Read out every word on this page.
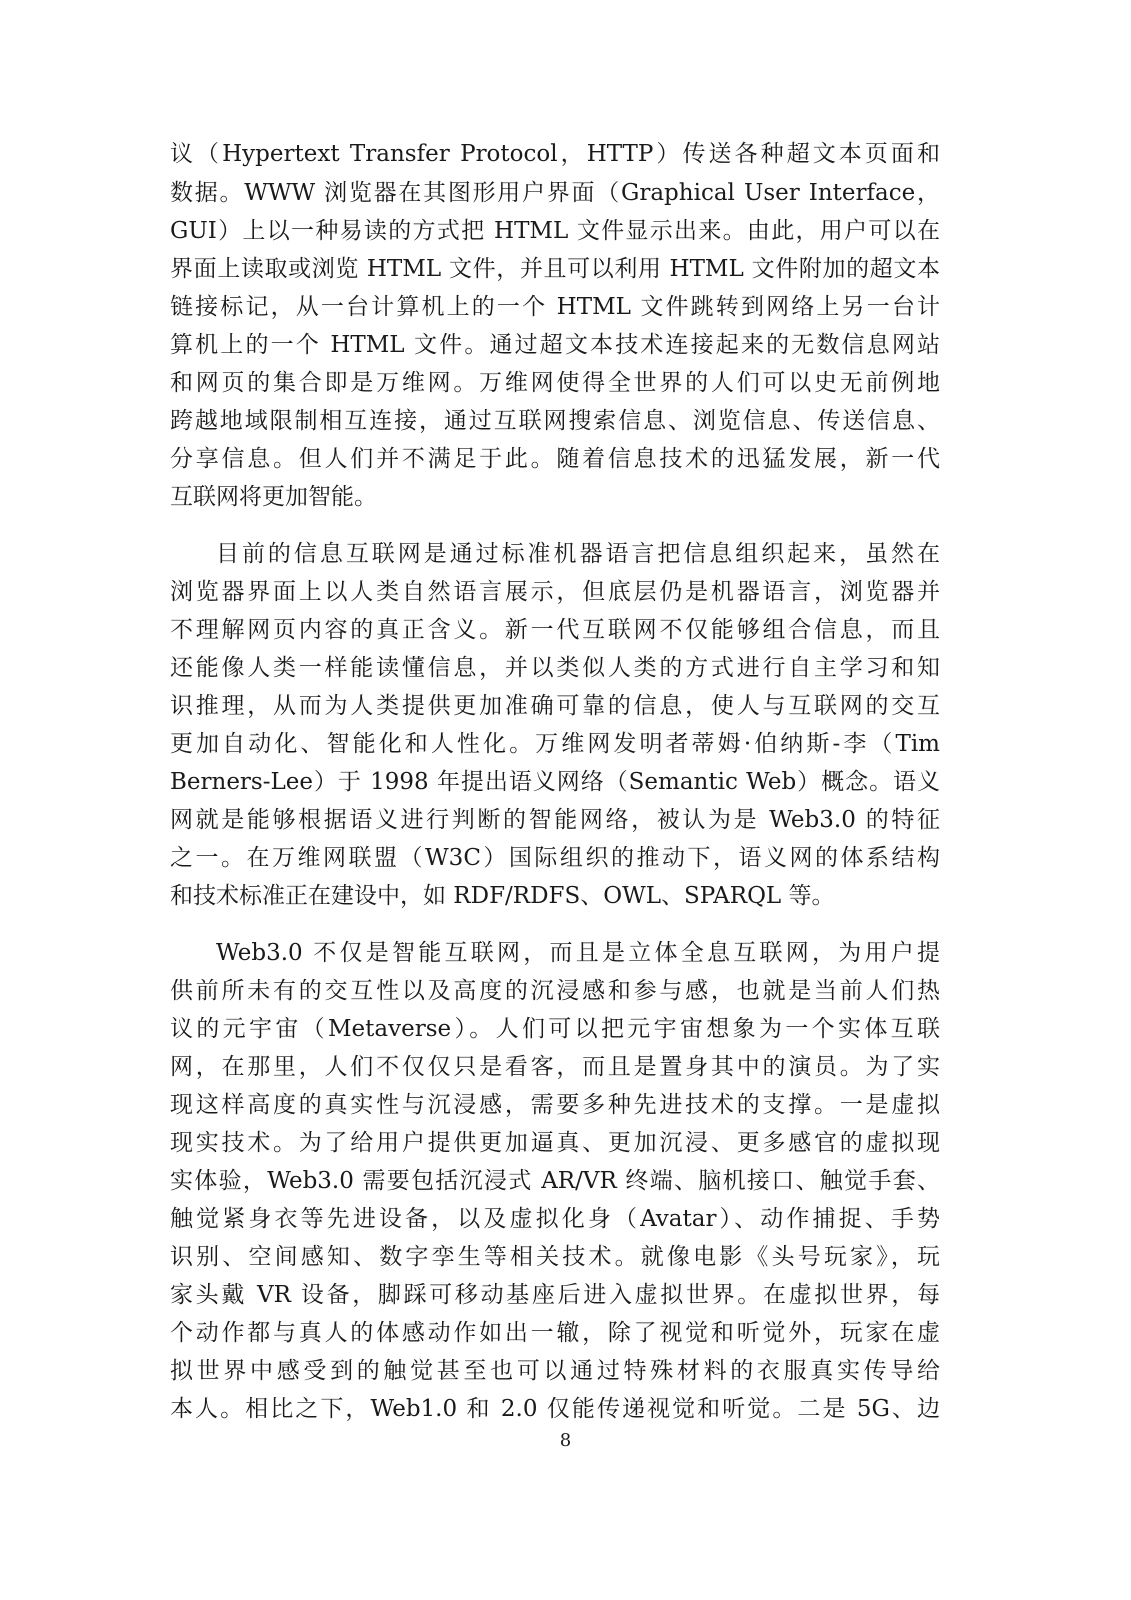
议（Hypertext Transfer Protocol，HTTP）传送各种超文本页面和
数据。WWW 浏览器在其图形用户界面（Graphical User Interface，
GUI）上以一种易读的方式把 HTML 文件显示出来。由此，用户可以在
界面上读取或浏览 HTML 文件，并且可以利用 HTML 文件附加的超文本
链接标记，从一台计算机上的一个 HTML 文件跳转到网络上另一台计
算机上的一个 HTML 文件。通过超文本技术连接起来的无数信息网站
和网页的集合即是万维网。万维网使得全世界的人们可以史无前例地
跨越地域限制相互连接，通过互联网搜索信息、浏览信息、传送信息、
分享信息。但人们并不满足于此。随着信息技术的迅猛发展，新一代
互联网将更加智能。
目前的信息互联网是通过标准机器语言把信息组织起来，虽然在
浏览器界面上以人类自然语言展示，但底层仍是机器语言，浏览器并
不理解网页内容的真正含义。新一代互联网不仅能够组合信息，而且
还能像人类一样能读懂信息，并以类似人类的方式进行自主学习和知
识推理，从而为人类提供更加准确可靠的信息，使人与互联网的交互
更加自动化、智能化和人性化。万维网发明者蒂姆·伯纳斯-李（Tim
Berners-Lee）于 1998 年提出语义网络（Semantic Web）概念。语义
网就是能够根据语义进行判断的智能网络，被认为是 Web3.0 的特征
之一。在万维网联盟（W3C）国际组织的推动下，语义网的体系结构
和技术标准正在建设中，如 RDF/RDFS、OWL、SPARQL 等。
Web3.0 不仅是智能互联网，而且是立体全息互联网，为用户提
供前所未有的交互性以及高度的沉浸感和参与感，也就是当前人们热
议的元宇宙（Metaverse）。人们可以把元宇宙想象为一个实体互联
网，在那里，人们不仅仅只是看客，而且是置身其中的演员。为了实
现这样高度的真实性与沉浸感，需要多种先进技术的支撑。一是虚拟
现实技术。为了给用户提供更加逼真、更加沉浸、更多感官的虚拟现
实体验，Web3.0 需要包括沉浸式 AR/VR 终端、脑机接口、触觉手套、
触觉紧身衣等先进设备，以及虚拟化身（Avatar）、动作捕捉、手势
识别、空间感知、数字孪生等相关技术。就像电影《头号玩家》，玩
家头戴 VR 设备，脚踩可移动基座后进入虚拟世界。在虚拟世界，每
个动作都与真人的体感动作如出一辙，除了视觉和听觉外，玩家在虚
拟世界中感受到的触觉甚至也可以通过特殊材料的衣服真实传导给
本人。相比之下，Web1.0 和 2.0 仅能传递视觉和听觉。二是 5G、边
8
